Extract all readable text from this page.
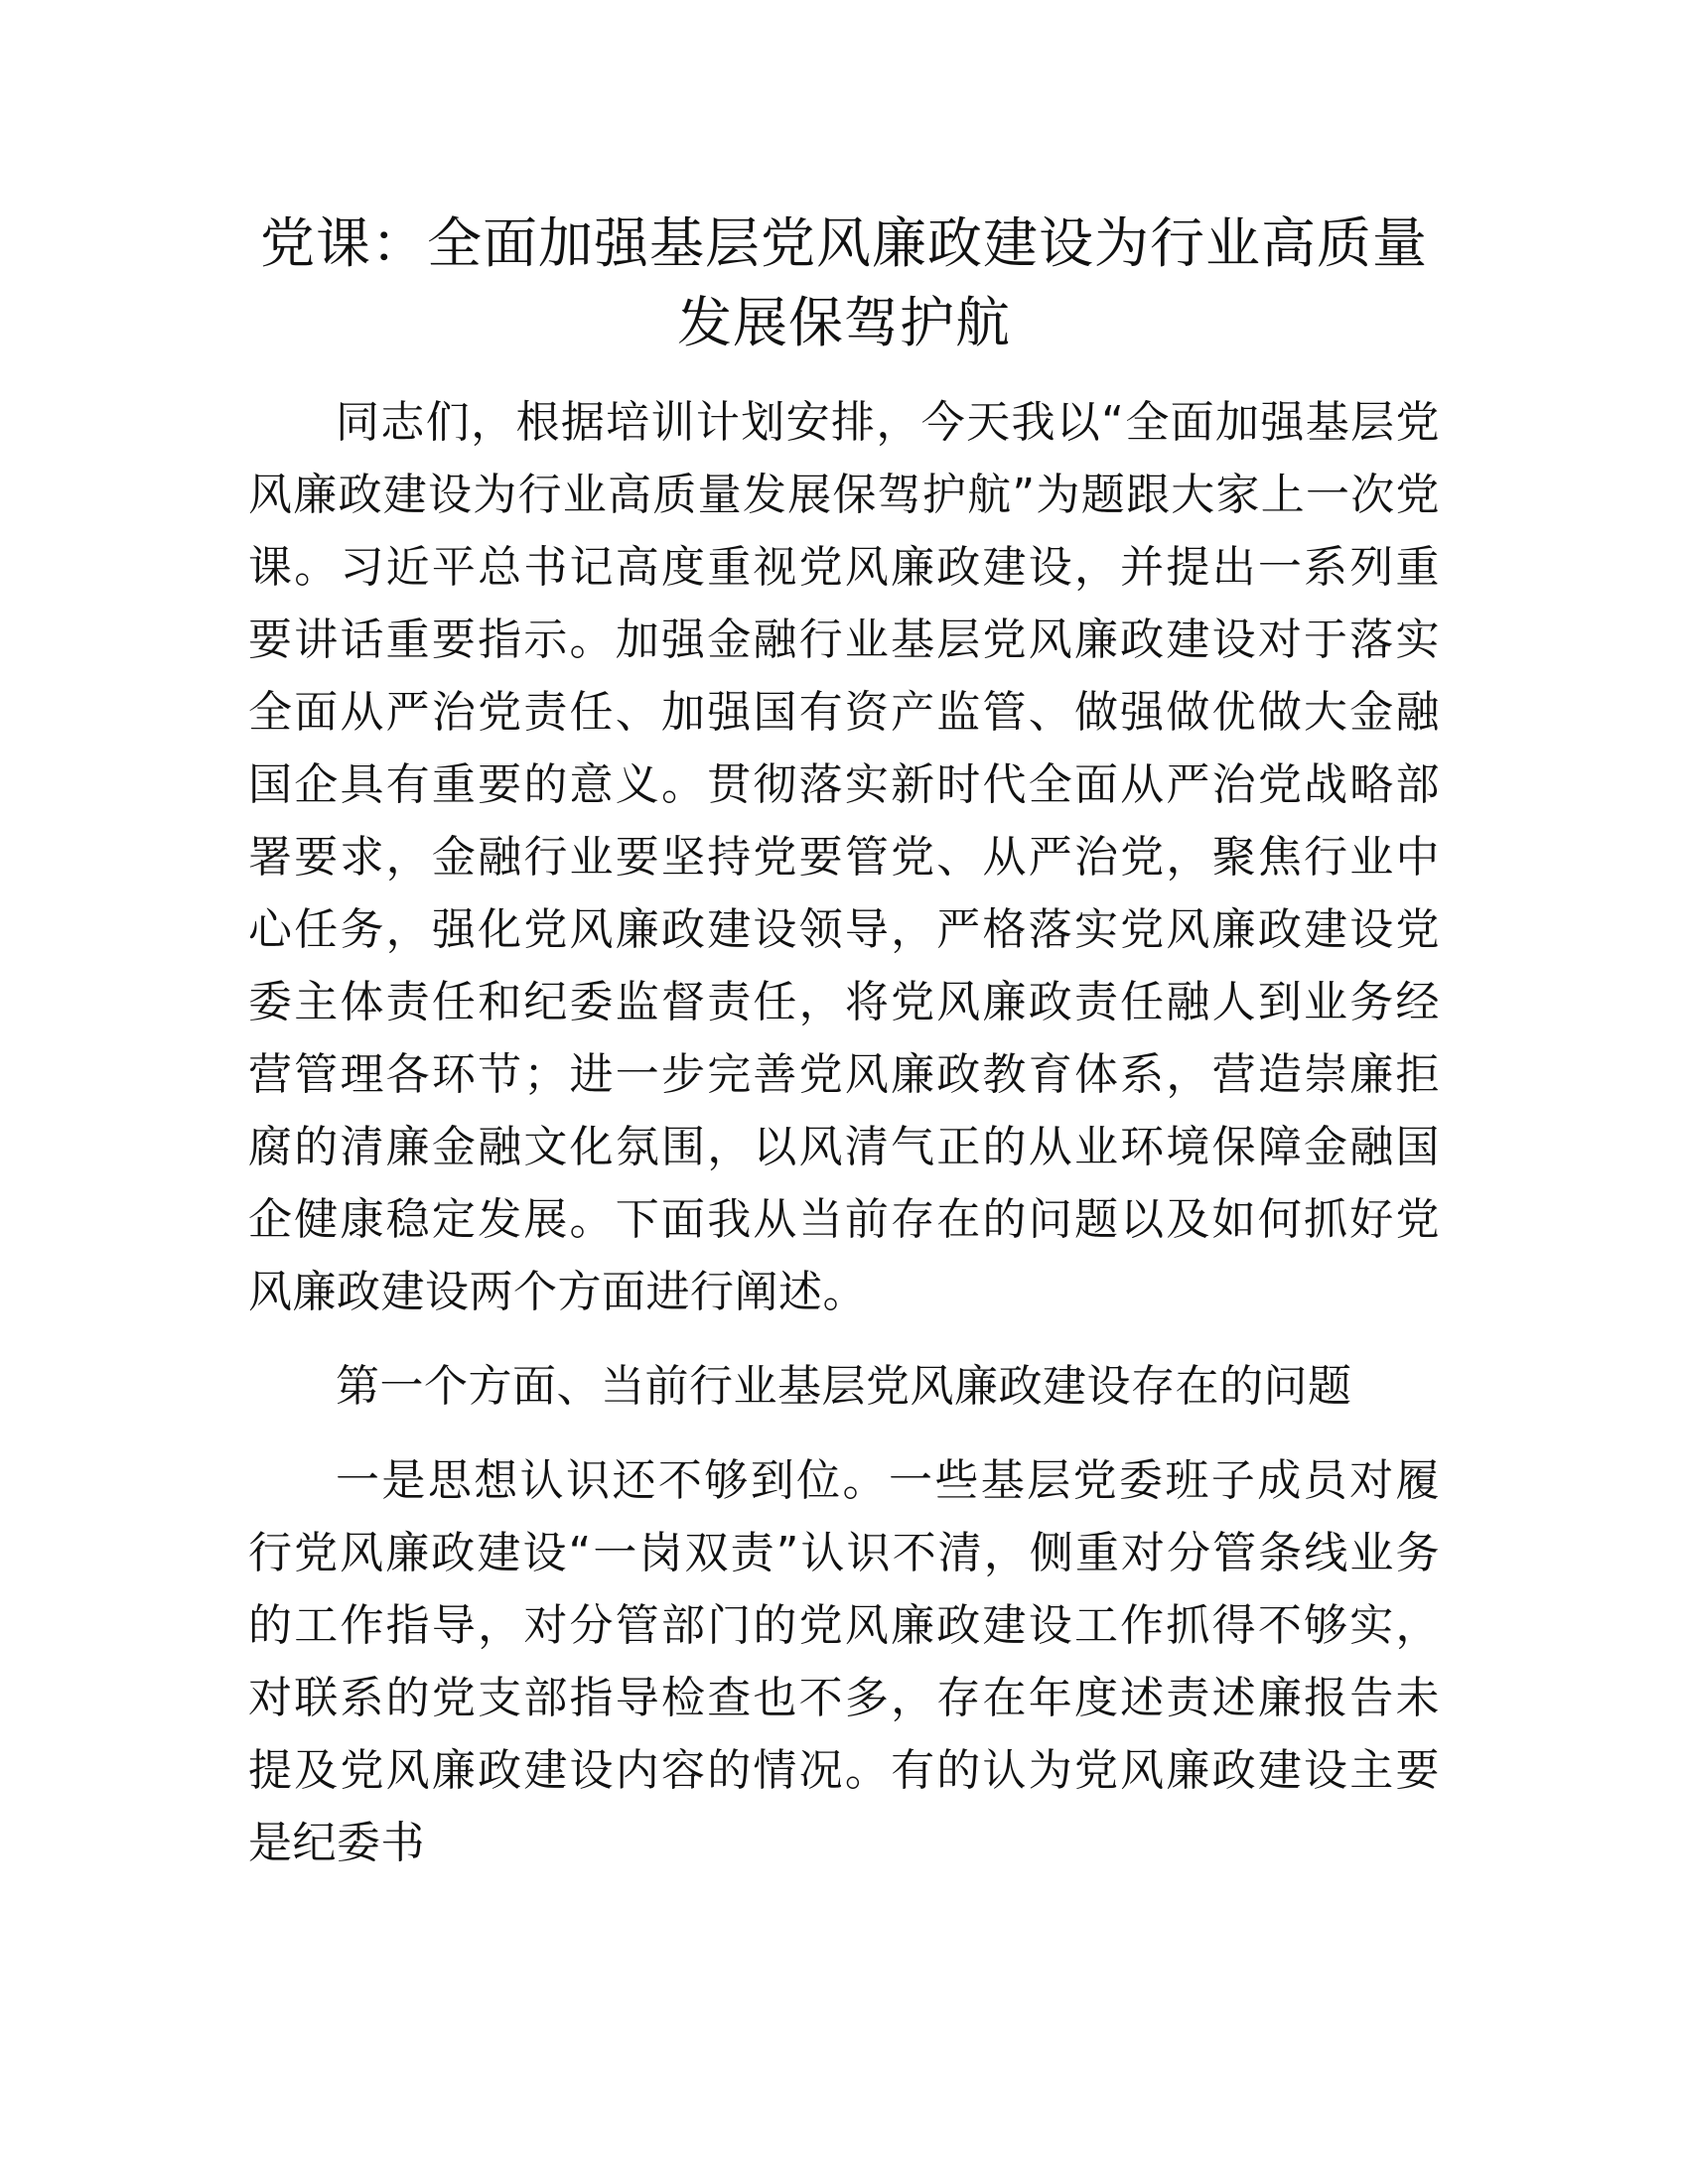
党课：全面加强基层党风廉政建设为行业高质量发展保驾护航

同志们，根据培训计划安排，今天我以“全面加强基层党风廉政建设为行业高质量发展保驾护航”为题跟大家上一次党课。习近平总书记高度重视党风廉政建设，并提出一系列重要讲话重要指示。加强金融行业基层党风廉政建设对于落实全面从严治党责任、加强国有资产监管、做强做优做大金融国企具有重要的意义。贯彻落实新时代全面从严治党战略部署要求，金融行业要坚持党要管党、从严治党，聚焦行业中心任务，强化党风廉政建设领导，严格落实党风廉政建设党委主体责任和纪委监督责任，将党风廉政责任融人到业务经营管理各环节；进一步完善党风廉政教育体系，营造崇廉拒腐的清廉金融文化氛围，以风清气正的从业环境保障金融国企健康稳定发展。下面我从当前存在的问题以及如何抓好党风廉政建设两个方面进行阐述。

第一个方面、当前行业基层党风廉政建设存在的问题

一是思想认识还不够到位。一些基层党委班子成员对履行党风廉政建设“一岗双责”认识不清，侧重对分管条线业务的工作指导，对分管部门的党风廉政建设工作抓得不够实，对联系的党支部指导检查也不多，存在年度述责述廉报告未提及党风廉政建设内容的情况。有的认为党风廉政建设主要是纪委书
